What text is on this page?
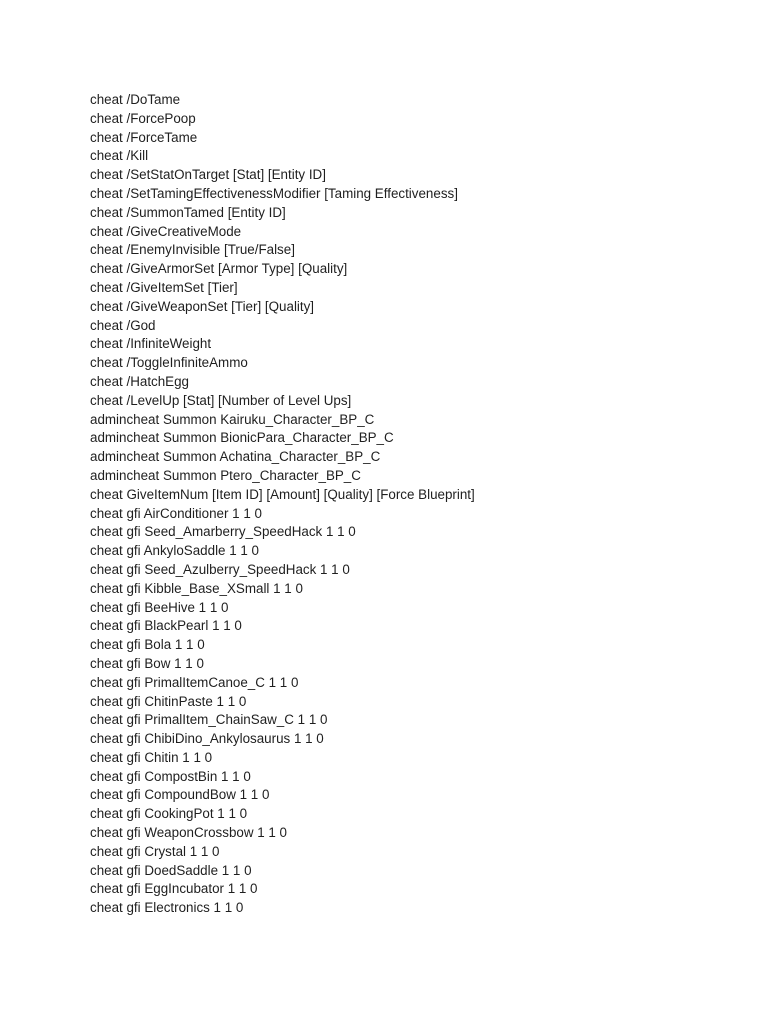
cheat /DoTame
cheat /ForcePoop
cheat /ForceTame
cheat /Kill
cheat /SetStatOnTarget [Stat] [Entity ID]
cheat /SetTamingEffectivenessModifier [Taming Effectiveness]
cheat /SummonTamed [Entity ID]
cheat /GiveCreativeMode
cheat /EnemyInvisible [True/False]
cheat /GiveArmorSet [Armor Type] [Quality]
cheat /GiveItemSet [Tier]
cheat /GiveWeaponSet [Tier] [Quality]
cheat /God
cheat /InfiniteWeight
cheat /ToggleInfiniteAmmo
cheat /HatchEgg
cheat /LevelUp [Stat] [Number of Level Ups]
admincheat Summon Kairuku_Character_BP_C
admincheat Summon BionicPara_Character_BP_C
admincheat Summon Achatina_Character_BP_C
admincheat Summon Ptero_Character_BP_C
cheat GiveItemNum [Item ID] [Amount] [Quality] [Force Blueprint]
cheat gfi AirConditioner 1 1 0
cheat gfi Seed_Amarberry_SpeedHack 1 1 0
cheat gfi AnkyloSaddle 1 1 0
cheat gfi Seed_Azulberry_SpeedHack 1 1 0
cheat gfi Kibble_Base_XSmall 1 1 0
cheat gfi BeeHive 1 1 0
cheat gfi BlackPearl 1 1 0
cheat gfi Bola 1 1 0
cheat gfi Bow 1 1 0
cheat gfi PrimalItemCanoe_C 1 1 0
cheat gfi ChitinPaste 1 1 0
cheat gfi PrimalItem_ChainSaw_C 1 1 0
cheat gfi ChibiDino_Ankylosaurus 1 1 0
cheat gfi Chitin 1 1 0
cheat gfi CompostBin 1 1 0
cheat gfi CompoundBow 1 1 0
cheat gfi CookingPot 1 1 0
cheat gfi WeaponCrossbow 1 1 0
cheat gfi Crystal 1 1 0
cheat gfi DoedSaddle 1 1 0
cheat gfi EggIncubator 1 1 0
cheat gfi Electronics 1 1 0
